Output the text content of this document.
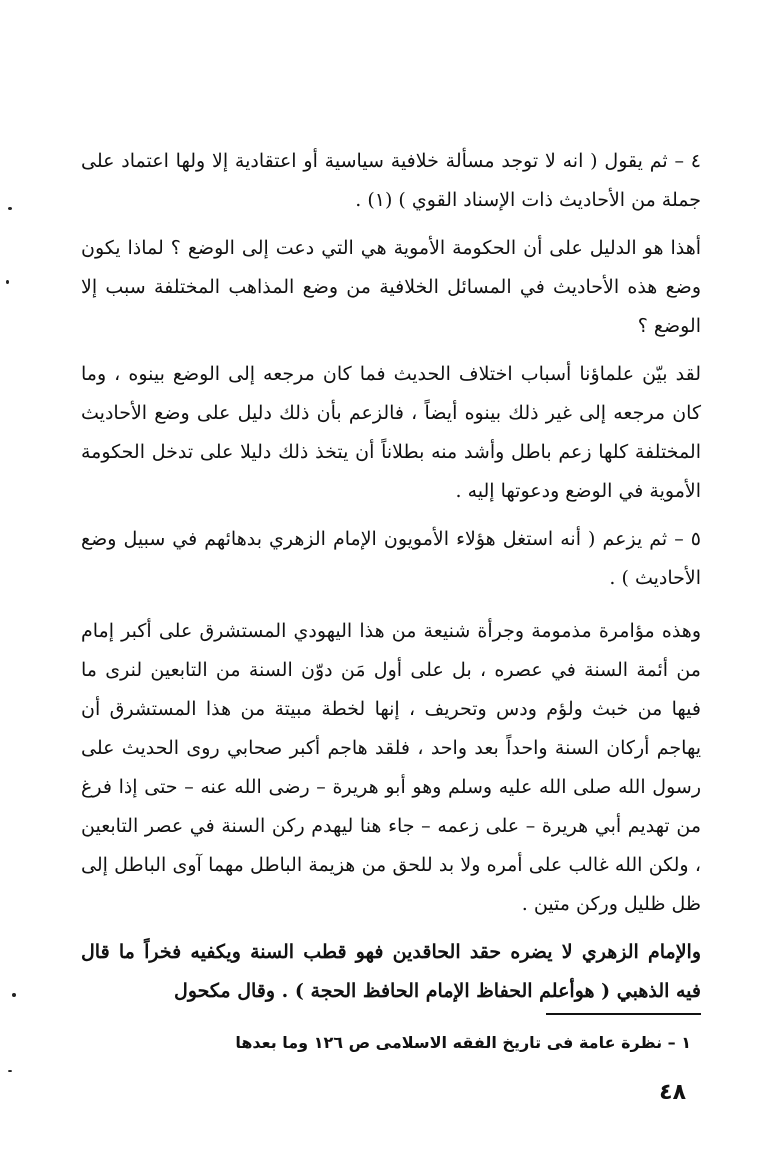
٤ – ثم يقول ( انه لا توجد مسألة خلافية سياسية أو اعتقادية إلا ولها اعتماد على جملة من الأحاديث ذات الإسناد القوي ) (١) .

أهذا هو الدليل على أن الحكومة الأموية هي التي دعت إلى الوضع ؟ لماذا يكون وضع هذه الأحاديث في المسائل الخلافية من وضع المذاهب المختلفة سبب إلا الوضع ؟

لقد بيّن علماؤنا أسباب اختلاف الحديث فما كان مرجعه إلى الوضع بينوه ، وما كان مرجعه إلى غير ذلك بينوه أيضاً ، فالزعم بأن ذلك دليل على وضع الأحاديث المختلفة كلها زعم باطل وأشد منه بطلاناً أن يتخذ ذلك دليلا على تدخل الحكومة الأموية في الوضع ودعوتها إليه .

٥ – ثم يزعم ( أنه استغل هؤلاء الأمويون الإمام الزهري بدهائهم في سبيل وضع الأحاديث ) .

وهذه مؤامرة مذمومة وجرأة شنيعة من هذا اليهودي المستشرق على أكبر إمام من أئمة السنة في عصره ، بل على أول مَن دوّن السنة من التابعين لنرى ما فيها من خبث ولؤم ودس وتحريف ، إنها لخطة مبيتة من هذا المستشرق أن يهاجم أركان السنة واحداً بعد واحد ، فلقد هاجم أكبر صحابي روى الحديث على رسول الله صلى الله عليه وسلم وهو أبو هريرة – رضى الله عنه – حتى إذا فرغ من تهديم أبي هريرة – على زعمه – جاء هنا ليهدم ركن السنة في عصر التابعين ، ولكن الله غالب على أمره ولا بد للحق من هزيمة الباطل مهما آوى الباطل إلى ظل ظليل وركن متين .

والإمام الزهري لا يضره حقد الحاقدين فهو قطب السنة ويكفيه فخراً ما قال فيه الذهبي ( هوأعلم الحفاظ الإمام الحافظ الحجة ) . وقال مكحول

١ – نظرة عامة فى تاريخ الفقه الاسلامى ص ١٢٦ وما بعدها
٤٨
